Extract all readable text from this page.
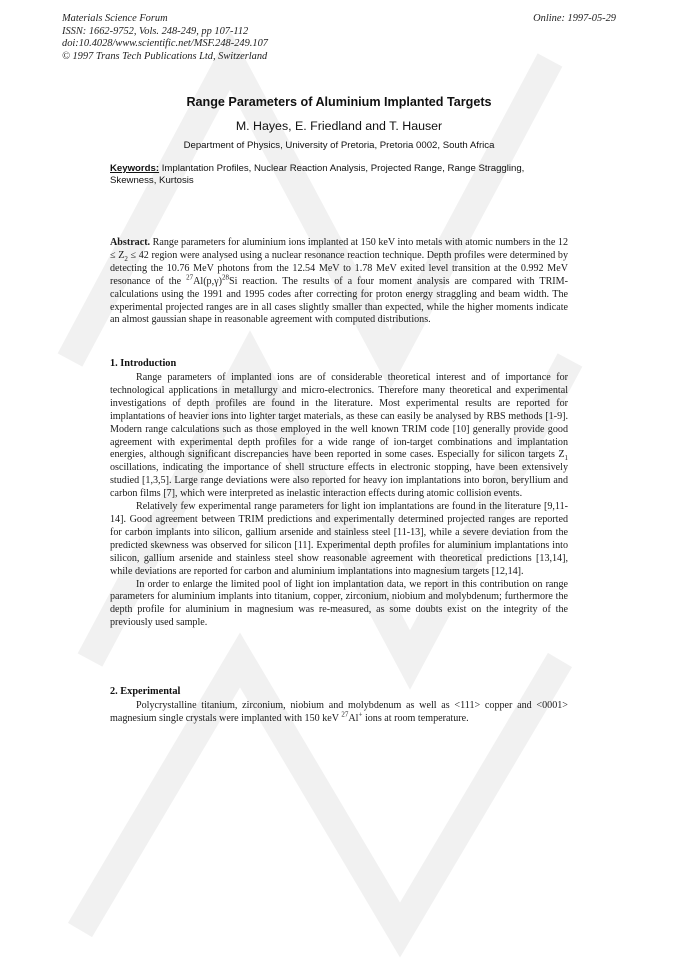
Materials Science Forum
ISSN: 1662-9752, Vols. 248-249, pp 107-112
doi:10.4028/www.scientific.net/MSF.248-249.107
© 1997 Trans Tech Publications Ltd, Switzerland
Online: 1997-05-29
Range Parameters of Aluminium Implanted Targets
M. Hayes, E. Friedland and T. Hauser
Department of Physics, University of Pretoria, Pretoria 0002, South Africa
Keywords: Implantation Profiles, Nuclear Reaction Analysis, Projected Range, Range Straggling, Skewness, Kurtosis
Abstract. Range parameters for aluminium ions implanted at 150 keV into metals with atomic numbers in the $12 \le Z_2 \le 42$ region were analysed using a nuclear resonance reaction technique. Depth profiles were determined by detecting the 10.76 MeV photons from the 12.54 MeV to 1.78 MeV exited level transition at the 0.992 MeV resonance of the $^{27}Al(p,\gamma)^{28}Si$ reaction. The results of a four moment analysis are compared with TRIM-calculations using the 1991 and 1995 codes after correcting for proton energy straggling and beam width. The experimental projected ranges are in all cases slightly smaller than expected, while the higher moments indicate an almost gaussian shape in reasonable agreement with computed distributions.
1. Introduction

Range parameters of implanted ions are of considerable theoretical interest and of importance for technological applications in metallurgy and micro-electronics. Therefore many theoretical and experimental investigations of depth profiles are found in the literature. Most experimental results are reported for implantations of heavier ions into lighter target materials, as these can easily be analysed by RBS methods [1-9]. Modern range calculations such as those employed in the well known TRIM code [10] generally provide good agreement with experimental depth profiles for a wide range of ion-target combinations and implantation energies, although significant discrepancies have been reported in some cases. Especially for silicon targets $Z_1$ oscillations, indicating the importance of shell structure effects in electronic stopping, have been extensively studied [1,3,5]. Large range deviations were also reported for heavy ion implantations into boron, beryllium and carbon films [7], which were interpreted as inelastic interaction effects during atomic collision events.

Relatively few experimental range parameters for light ion implantations are found in the literature [9,11-14]. Good agreement between TRIM predictions and experimentally determined projected ranges are reported for carbon implants into silicon, gallium arsenide and stainless steel [11-13], while a severe deviation from the predicted skewness was observed for silicon [11]. Experimental depth profiles for aluminium implantations into silicon, gallium arsenide and stainless steel show reasonable agreement with theoretical predictions [13,14], while deviations are reported for carbon and aluminium implantations into magnesium targets [12,14].

In order to enlarge the limited pool of light ion implantation data, we report in this contribution on range parameters for aluminium implants into titanium, copper, zirconium, niobium and molybdenum; furthermore the depth profile for aluminium in magnesium was re-measured, as some doubts exist on the integrity of the previously used sample.

2. Experimental

Polycrystalline titanium, zirconium, niobium and molybdenum as well as <111> copper and <0001> magnesium single crystals were implanted with 150 keV $^{27}$Al+ ions at room temperature.
